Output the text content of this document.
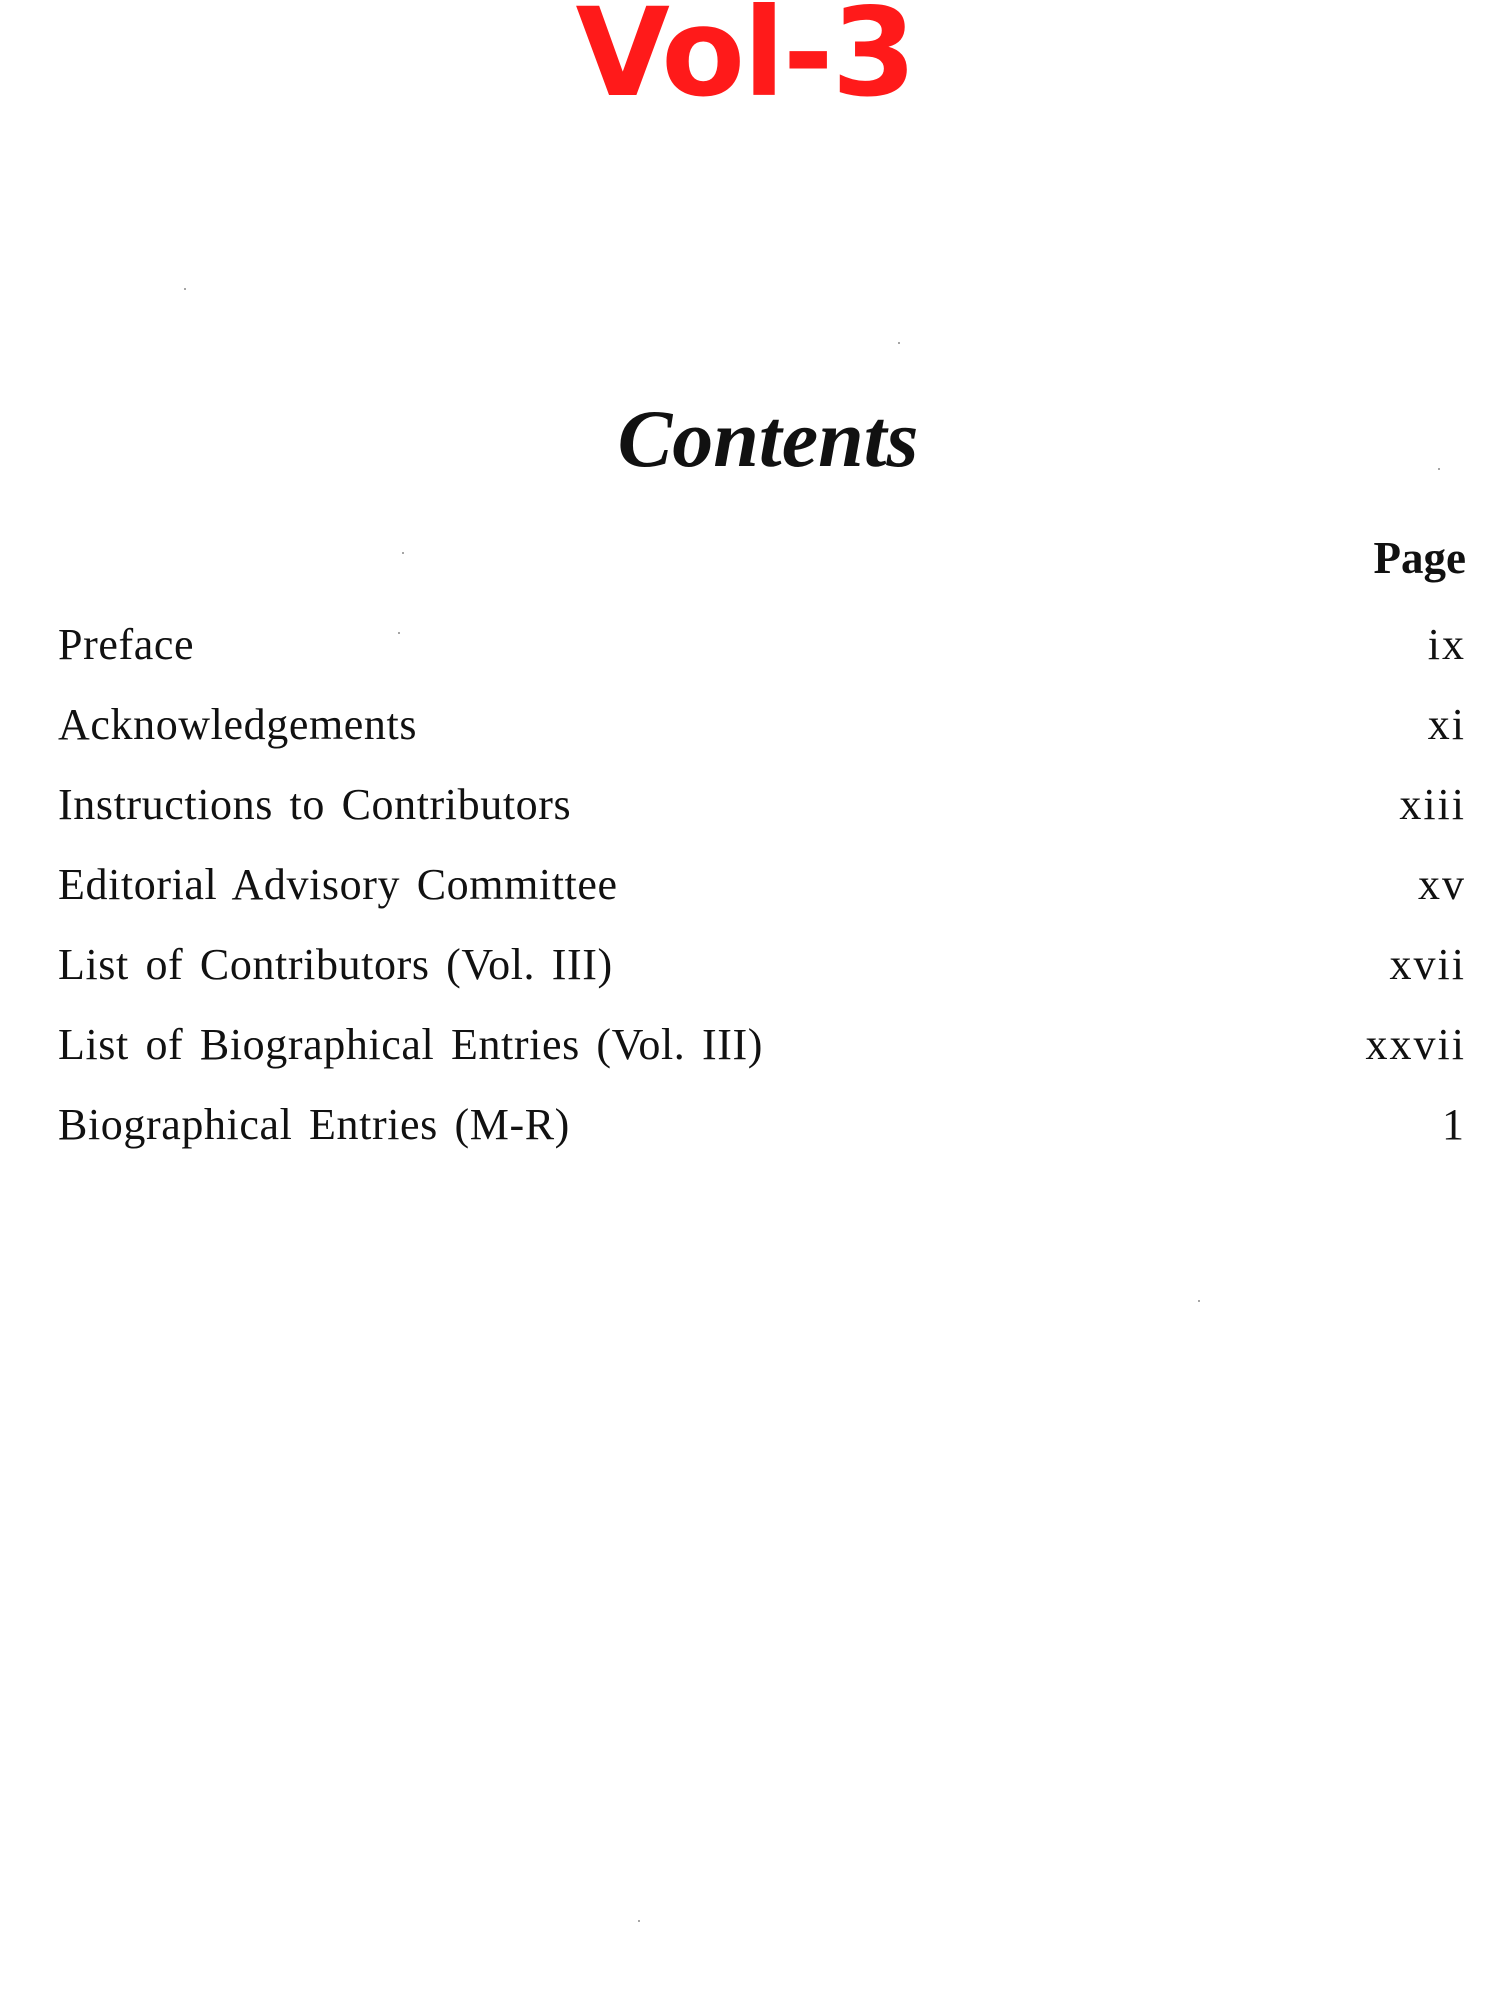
Vol-3
Contents
Page
Preface	ix
Acknowledgements	xi
Instructions to Contributors	xiii
Editorial Advisory Committee	xv
List of Contributors (Vol. III)	xvii
List of Biographical Entries (Vol. III)	xxvii
Biographical Entries (M-R)	1
